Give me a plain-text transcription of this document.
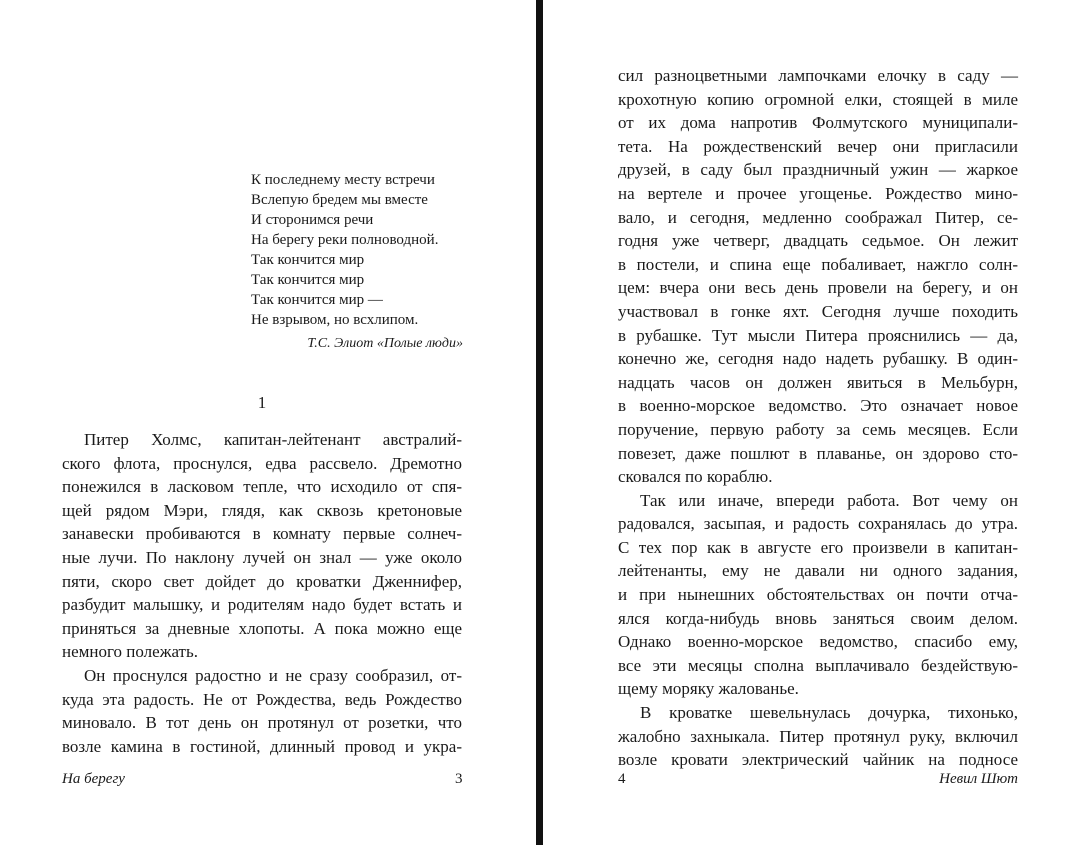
К последнему месту встречи
Вслепую бредем мы вместе
И сторонимся речи
На берегу реки полноводной.
Так кончится мир
Так кончится мир
Так кончится мир —
Не взрывом, но всхлипом.
Т.С. Элиот «Полые люди»
1
Питер Холмс, капитан-лейтенант австралий-
ского флота, проснулся, едва рассвело. Дремотно
понежился в ласковом тепле, что исходило от спя-
щей рядом Мэри, глядя, как сквозь кретоновые
занавески пробиваются в комнату первые солнеч-
ные лучи. По наклону лучей он знал — уже около
пяти, скоро свет дойдет до кроватки Дженнифер,
разбудит малышку, и родителям надо будет встать и
приняться за дневные хлопоты. А пока можно еще
немного полежать.
Он проснулся радостно и не сразу сообразил, от-
куда эта радость. Не от Рождества, ведь Рождество
миновало. В тот день он протянул от розетки, что
возле камина в гостиной, длинный провод и укра-
На берегу	3
сил разноцветными лампочками елочку в саду —
крохотную копию огромной елки, стоящей в миле
от их дома напротив Фолмутского муниципали-
тета. На рождественский вечер они пригласили
друзей, в саду был праздничный ужин — жаркое
на вертеле и прочее угощенье. Рождество мино-
вало, и сегодня, медленно соображал Питер, се-
годня уже четверг, двадцать седьмое. Он лежит
в постели, и спина еще побаливает, нажгло солн-
цем: вчера они весь день провели на берегу, и он
участвовал в гонке яхт. Сегодня лучше походить
в рубашке. Тут мысли Питера прояснились — да,
конечно же, сегодня надо надеть рубашку. В один-
надцать часов он должен явиться в Мельбурн,
в военно-морское ведомство. Это означает новое
поручение, первую работу за семь месяцев. Если
повезет, даже пошлют в плаванье, он здорово сто-
сковался по кораблю.
Так или иначе, впереди работа. Вот чему он
радовался, засыпая, и радость сохранялась до утра.
С тех пор как в августе его произвели в капитан-
лейтенанты, ему не давали ни одного задания,
и при нынешних обстоятельствах он почти отча-
ялся когда-нибудь вновь заняться своим делом.
Однако военно-морское ведомство, спасибо ему,
все эти месяцы сполна выплачивало бездействую-
щему моряку жалованье.
В кроватке шевельнулась дочурка, тихонько,
жалобно захныкала. Питер протянул руку, включил
возле кровати электрический чайник на подносе
4	Невил Шют
